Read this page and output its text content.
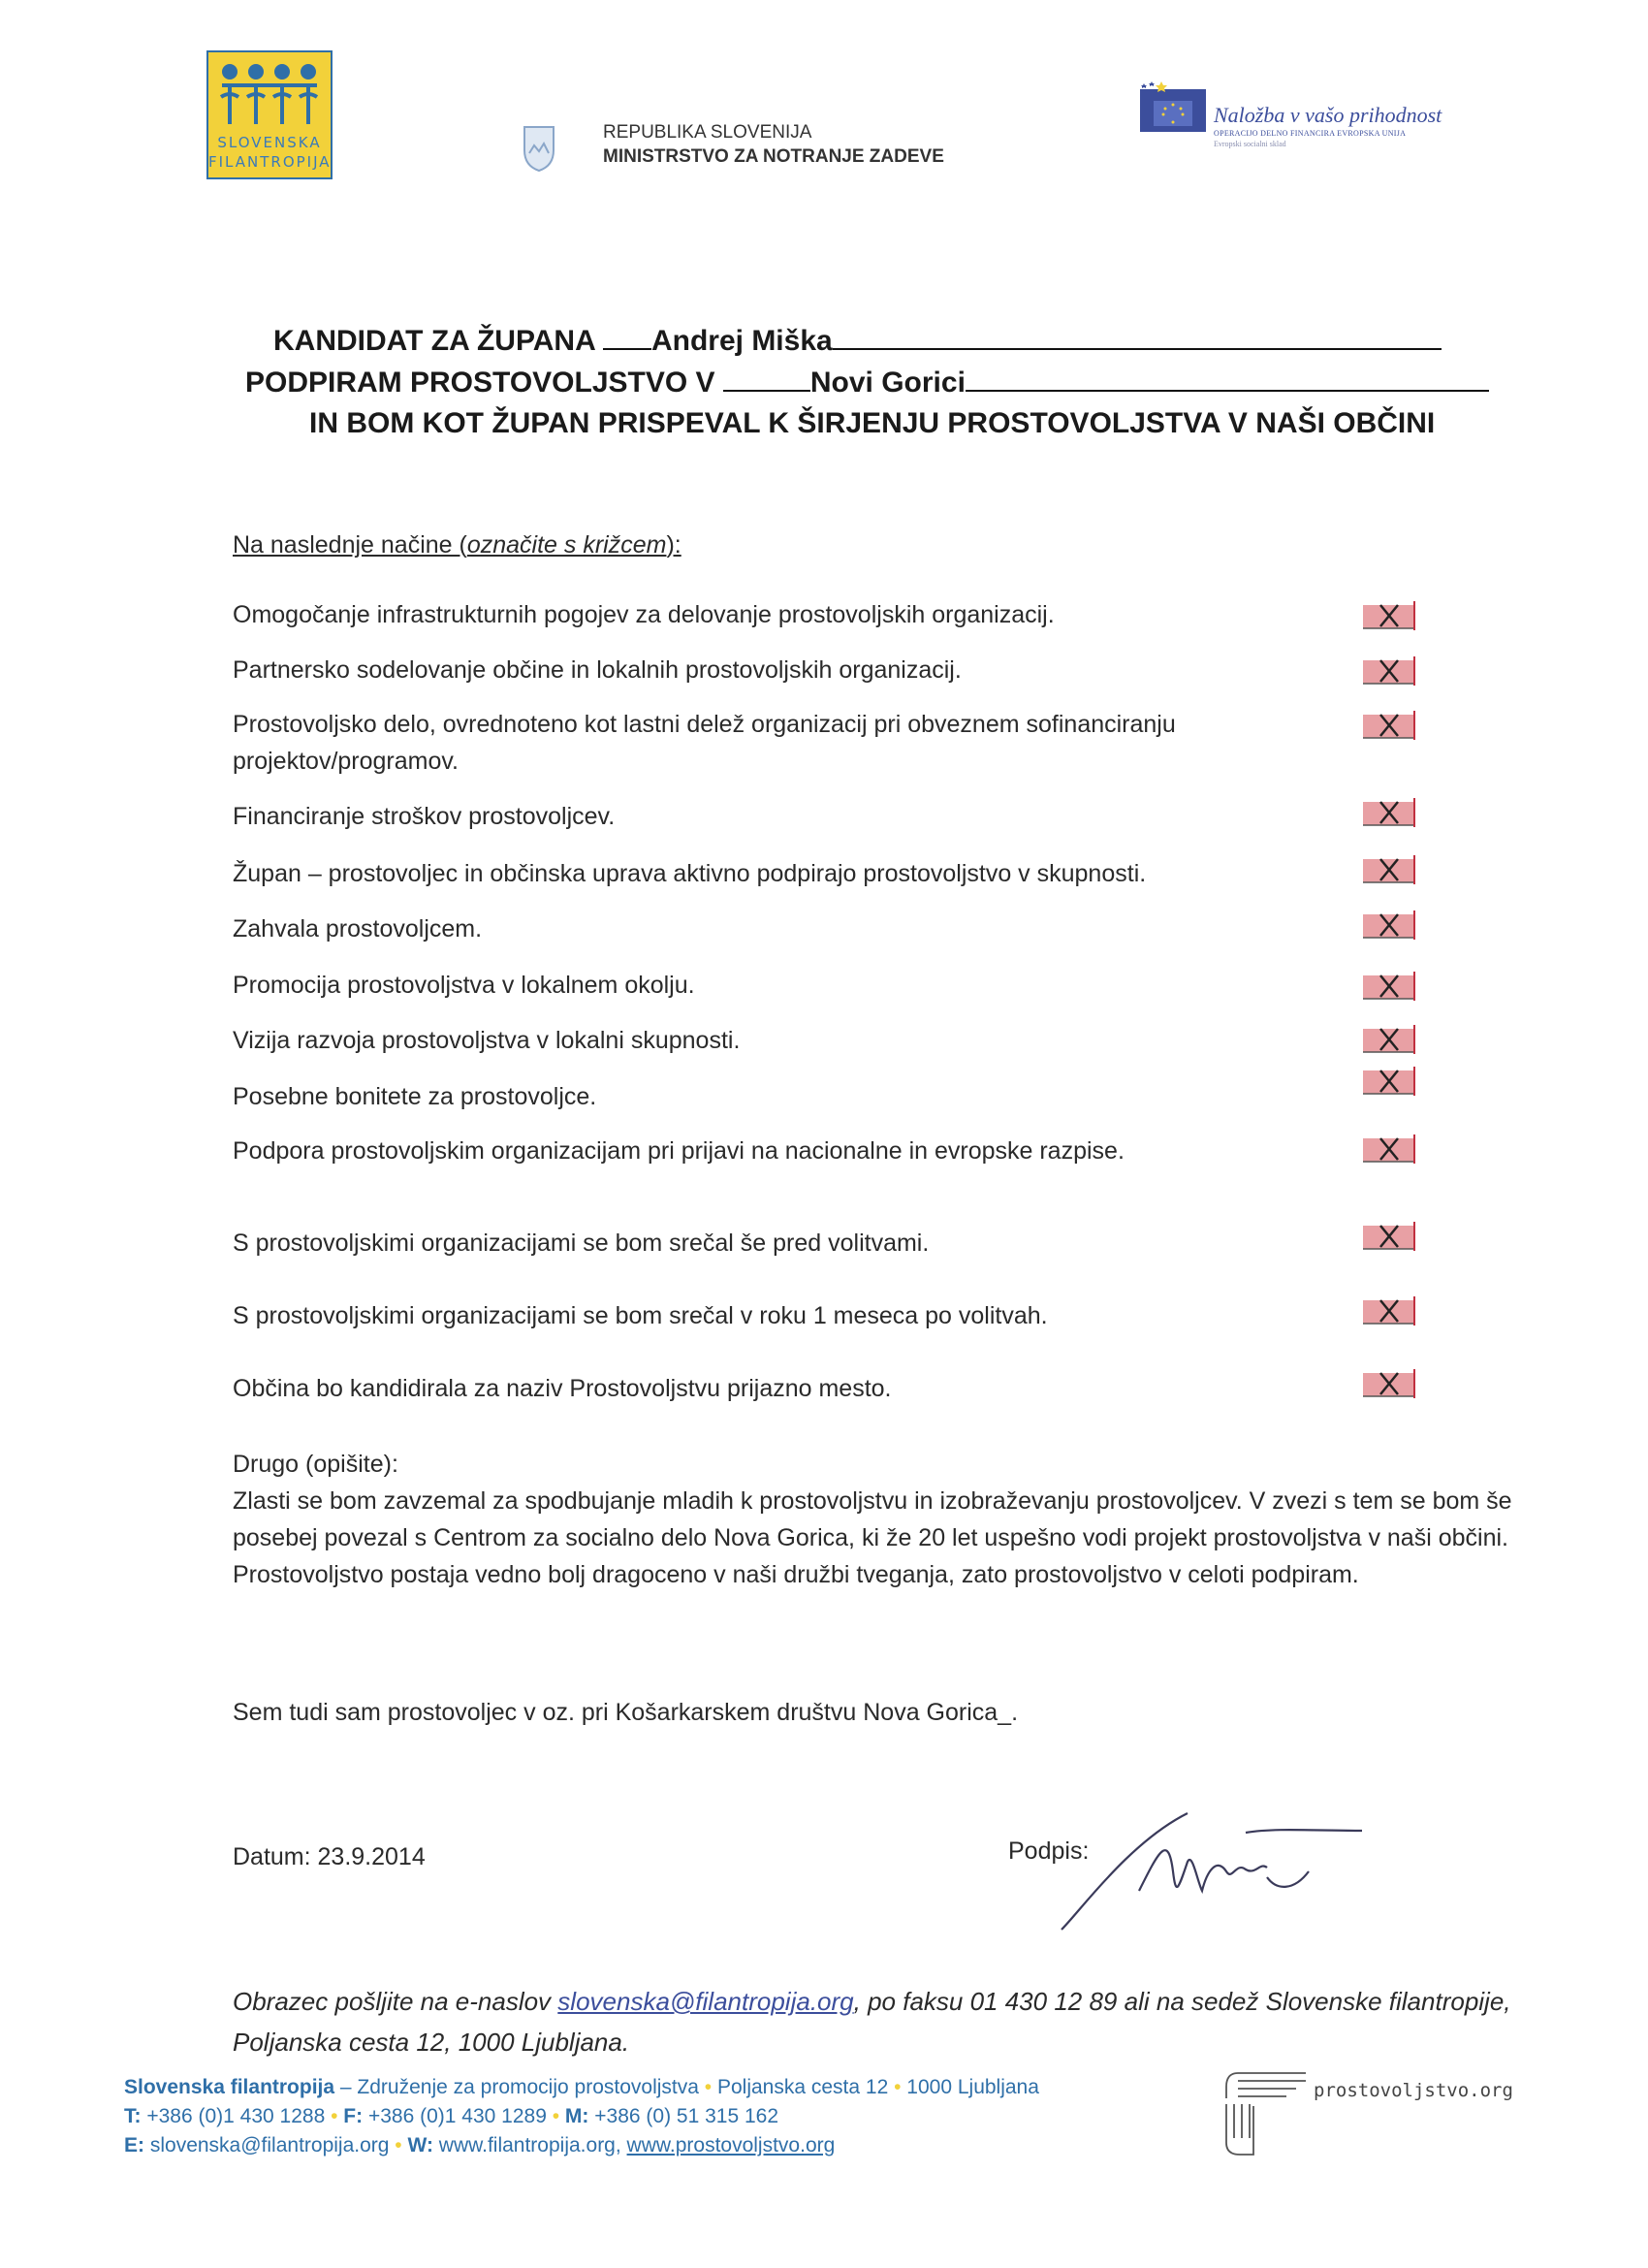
SLOVENSKA
FILANTROPIJA
REPUBLIKA SLOVENIJA
MINISTRSTVO ZA NOTRANJE ZADEVE
Naložba v vašo prihodnost
OPERACIJO DELNO FINANCIRA EVROPSKA UNIJA
Evropski socialni sklad
KANDIDAT ZA ŽUPANA Andrej Miška
PODPIRAM PROSTOVOLJSTVO V	Novi Gorici
IN BOM KOT ŽUPAN PRISPEVAL K ŠIRJENJU PROSTOVOLJSTVA V NAŠI OBČINI
Na naslednje načine (označite s križcem):
Omogočanje infrastrukturnih pogojev za delovanje prostovoljskih organizacij.
Partnersko sodelovanje občine in lokalnih prostovoljskih organizacij.
Prostovoljsko delo, ovrednoteno kot lastni delež organizacij pri obveznem sofinanciranju projektov/programov.
Financiranje stroškov prostovoljcev.
Župan – prostovoljec in občinska uprava aktivno podpirajo prostovoljstvo v skupnosti.
Zahvala prostovoljcem.
Promocija prostovoljstva v lokalnem okolju.
Vizija razvoja prostovoljstva v lokalni skupnosti.
Posebne bonitete za prostovoljce.
Podpora prostovoljskim organizacijam pri prijavi na nacionalne in evropske razpise.
S prostovoljskimi organizacijami se bom srečal še pred volitvami.
S prostovoljskimi organizacijami se bom srečal v roku 1 meseca po volitvah.
Občina bo kandidirala za naziv Prostovoljstvu prijazno mesto.
Drugo (opišite):
Zlasti se bom zavzemal za spodbujanje mladih k prostovoljstvu in izobraževanju prostovoljcev. V zvezi s tem se bom še posebej povezal s Centrom za socialno delo Nova Gorica, ki že 20 let uspešno vodi projekt prostovoljstva v naši občini. Prostovoljstvo postaja vedno bolj dragoceno v naši družbi tveganja, zato prostovoljstvo v celoti podpiram.
Sem tudi sam prostovoljec v oz. pri Košarkarskem društvu Nova Gorica_.
Datum: 23.9.2014	Podpis:
Obrazec pošljite na e-naslov slovenska@filantropija.org, po faksu 01 430 12 89 ali na sedež Slovenske filantropije, Poljanska cesta 12, 1000 Ljubljana.
Slovenska filantropija – Združenje za promocijo prostovoljstva • Poljanska cesta 12 • 1000 Ljubljana
T: +386 (0)1 430 1288 • F: +386 (0)1 430 1289 • M: +386 (0) 51 315 162
E: slovenska@filantropija.org • W: www.filantropija.org, www.prostovoljstvo.org
prostovoljstvo.org
